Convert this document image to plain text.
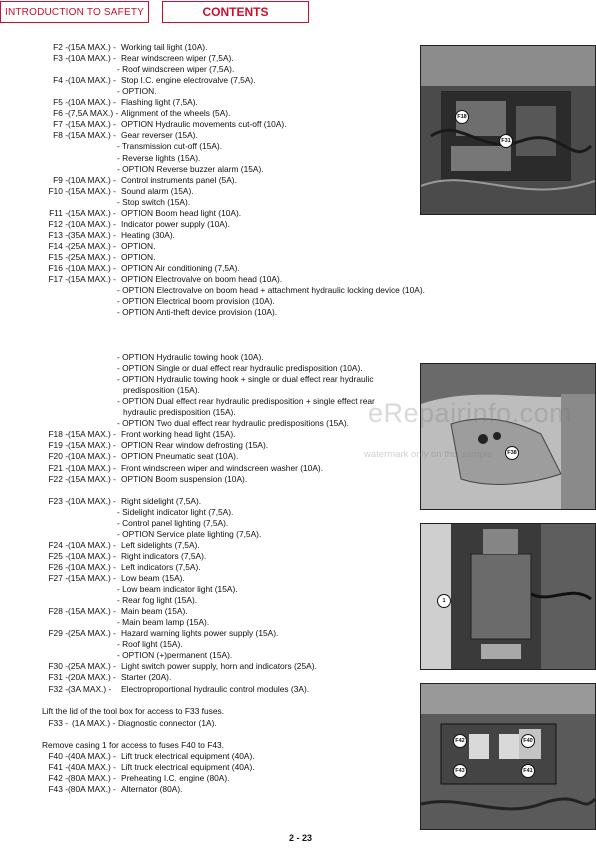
INTRODUCTION TO SAFETY	CONTENTS
F2 - (15A MAX.) - Working tail light (10A).
F3 - (10A MAX.) - Rear windscreen wiper (7,5A).
- Roof windscreen wiper (7,5A).
F4 - (10A MAX.) - Stop I.C. engine electrovalve (7,5A).
- OPTION.
F5 - (10A MAX.) - Flashing light (7,5A).
F6 - (7,5A MAX.) - Alignment of the wheels (5A).
F7 - (15A MAX.) - OPTION Hydraulic movements cut-off (10A).
F8 - (15A MAX.) - Gear reverser (15A).
- Transmission cut-off (15A).
- Reverse lights (15A).
- OPTION Reverse buzzer alarm (15A).
F9 - (10A MAX.) - Control instruments panel (5A).
F10 - (15A MAX.) - Sound alarm (15A).
- Stop switch (15A).
F11 - (15A MAX.) - OPTION Boom head light (10A).
F12 - (10A MAX.) - Indicator power supply (10A).
F13 - (35A MAX.) - Heating (30A).
F14 - (25A MAX.) - OPTION.
F15 - (25A MAX.) - OPTION.
F16 - (10A MAX.) - OPTION Air conditioning (7,5A).
F17 - (15A MAX.) - OPTION Electrovalve on boom head (10A).
- OPTION Electrovalve on boom head + attachment hydraulic locking device (10A).
- OPTION Electrical boom provision (10A).
- OPTION Anti-theft device provision (10A).
- OPTION Hydraulic towing hook (10A).
- OPTION Single or dual effect rear hydraulic predisposition (10A).
- OPTION Hydraulic towing hook + single or dual effect rear hydraulic
predisposition (15A).
- OPTION Dual effect rear hydraulic predisposition + single effect rear
hydraulic predisposition (15A).
- OPTION Two dual effect rear hydraulic predispositions (15A).
F18 - (15A MAX.) - Front working head light (15A).
F19 - (15A MAX.) - OPTION Rear window defrosting (15A).
F20 - (10A MAX.) - OPTION Pneumatic seat (10A).
F21 - (10A MAX.) - Front windscreen wiper and windscreen washer (10A).
F22 - (15A MAX.) - OPTION Boom suspension (10A).
F23 - (10A MAX.) - Right sidelight (7,5A).
- Sidelight indicator light (7,5A).
- Control panel lighting (7,5A).
- OPTION Service plate lighting (7,5A).
F24 - (10A MAX.) - Left sidelights (7,5A).
F25 - (10A MAX.) - Right indicators (7,5A).
F26 - (10A MAX.) - Left indicators (7,5A).
F27 - (15A MAX.) - Low beam (15A).
- Low beam indicator light (15A).
- Rear fog light (15A).
F28 - (15A MAX.) - Main beam (15A).
- Main beam lamp (15A).
F29 - (25A MAX.) - Hazard warning lights power supply (15A).
- Roof light (15A).
- OPTION (+)permanent (15A).
F30 - (25A MAX.) - Light switch power supply, horn and indicators (25A).
F31 - (20A MAX.) - Starter (20A).
F32 - (3A MAX.) - Electroproportional hydraulic control modules (3A).
Lift the lid of the tool box for access to F33 fuses.
F33 - (1A MAX.) - Diagnostic connector (1A).
Remove casing 1 for access to fuses F40 to F43.
F40 - (40A MAX.) - Lift truck electrical equipment (40A).
F41 - (40A MAX.) - Lift truck electrical equipment (40A).
F42 - (80A MAX.) - Preheating I.C. engine (80A).
F43 - (80A MAX.) - Alternator (80A).
F18
F31
F38
1
F42	F40
F43	F41
eRepairinfo.com
watermark only on this sample
2 - 23
